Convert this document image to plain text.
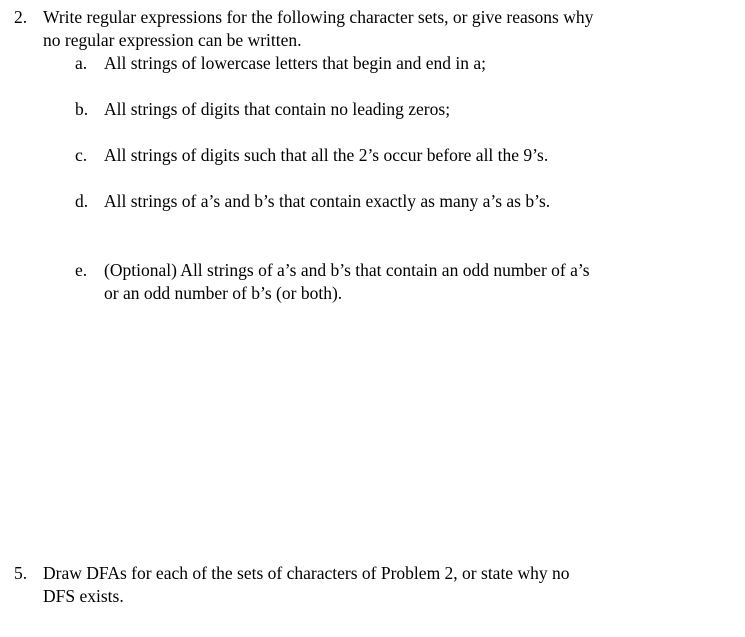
2. Write regular expressions for the following character sets, or give reasons why
no regular expression can be written.
a. All strings of lowercase letters that begin and end in a;
b. All strings of digits that contain no leading zeros;
c. All strings of digits such that all the 2’s occur before all the 9’s.
d. All strings of a’s and b’s that contain exactly as many a’s as b’s.
e. (Optional) All strings of a’s and b’s that contain an odd number of a’s
or an odd number of b’s (or both).
5. Draw DFAs for each of the sets of characters of Problem 2, or state why no
DFS exists.
